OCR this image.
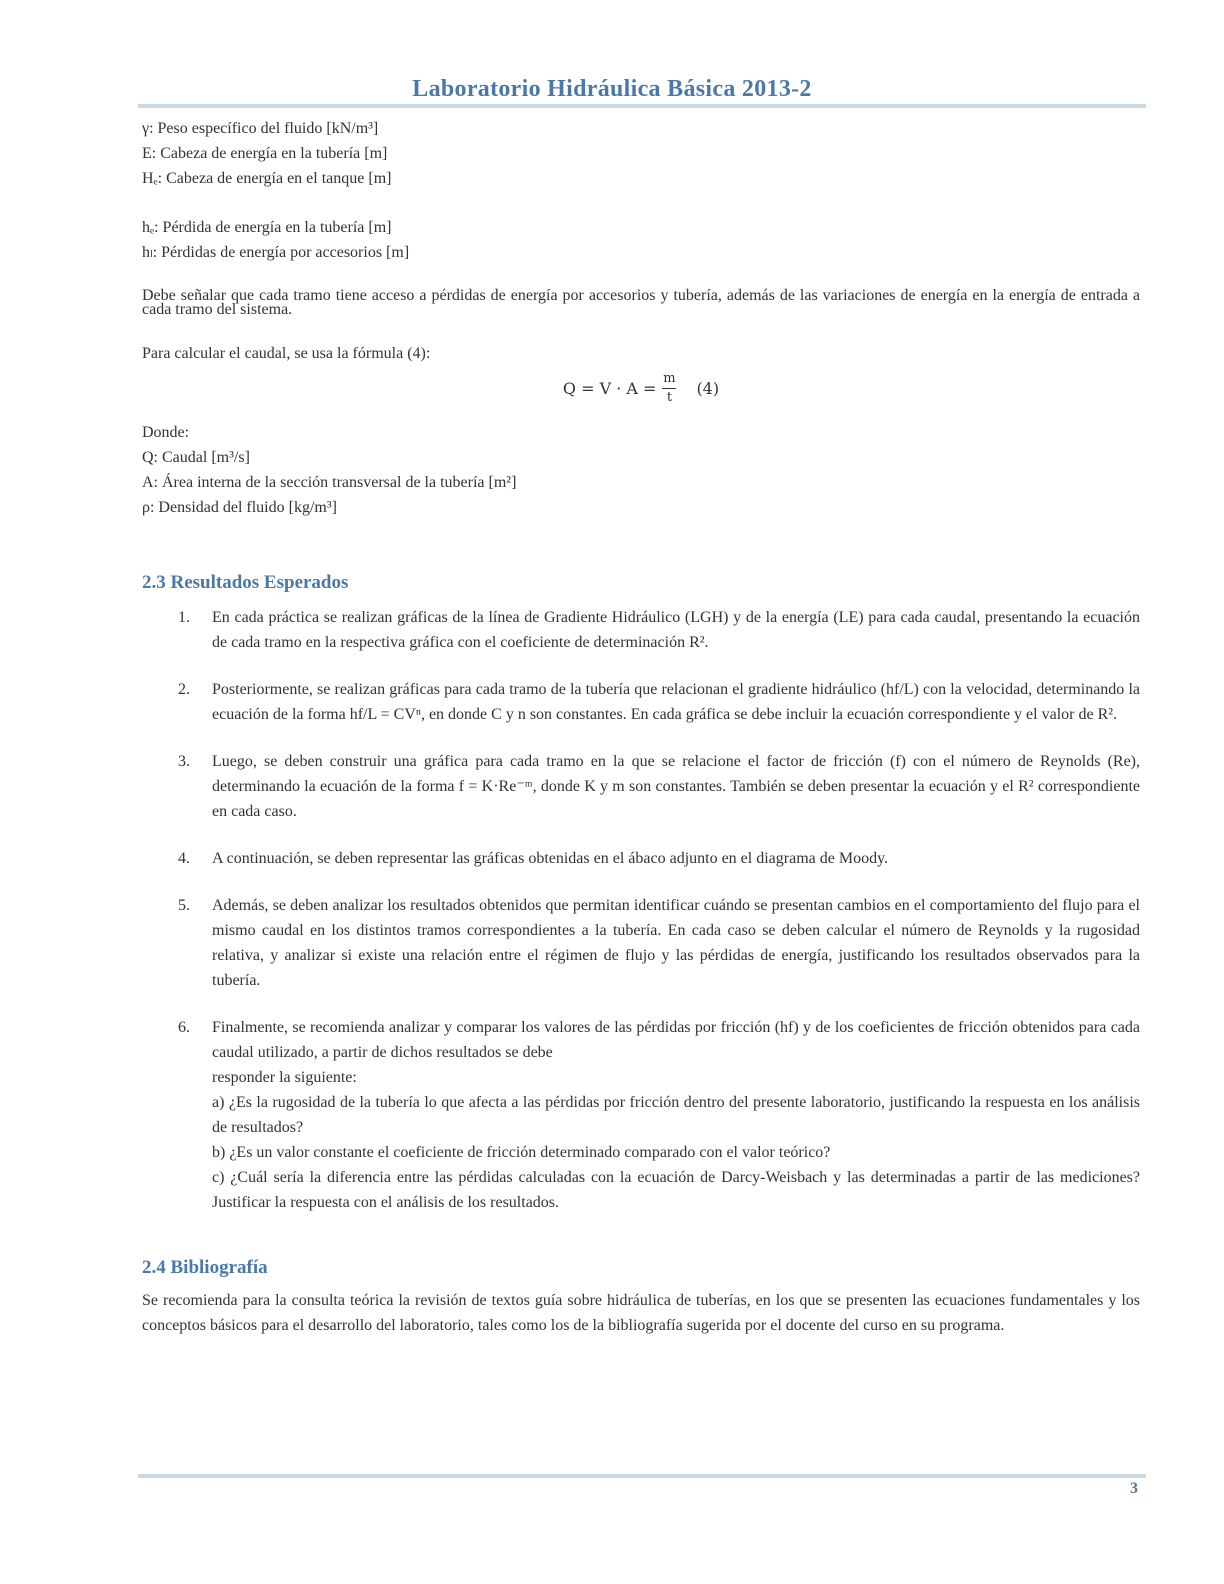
Laboratorio Hidráulica Básica 2013-2

γ: Peso específico del fluido [kN/m³]

E: Cabeza de energía en la tubería [m]

Hₑ: Cabeza de energía en el tanque [m]

hₑ: Pérdida de energía en la tubería [m]

hₗ: Pérdidas de energía por accesorios [m]

Debe señalar que cada tramo tiene acceso a pérdidas de energía por accesorios y tubería, además de las variaciones de energía en la energía de entrada a cada tramo del sistema.

Para calcular el caudal, se usa la fórmula (4):

$Q = V \cdot A = \frac{m}{t} (4)$

Donde:

Q: Caudal [m³/s]

A: Área interna de la sección transversal de la tubería [m²]

ρ: Densidad del fluido [kg/m³]

2.3 Resultados Esperados
1. En cada práctica se realizan gráficas de la línea de Gradiente Hidráulico (LGH) y de la energía (LE) para cada caudal, presentando la ecuación de cada tramo en la respectiva gráfica con el coeficiente de determinación R².
2. Posteriormente, se realizan gráficas para cada tramo de la tubería que relacionan el gradiente hidráulico (hf/L) con la velocidad, determinando la ecuación de la forma hf/L = CVⁿ, en donde C y n son constantes. En cada gráfica se debe incluir la ecuación correspondiente y el valor de R².
3. Luego, se deben construir una gráfica para cada tramo en la que se relacione el factor de fricción (f) con el número de Reynolds (Re), determinando la ecuación de la forma f = K·Re⁻ᵐ, donde K y m son constantes. También se deben presentar la ecuación y el R² correspondiente en cada caso.
4. A continuación, se deben representar las gráficas obtenidas en el ábaco adjunto en el diagrama de Moody.
5. Además, se deben analizar los resultados obtenidos que permitan identificar cuándo se presentan cambios en el comportamiento del flujo para el mismo caudal en los distintos tramos correspondientes a la tubería. En cada caso se deben calcular el número de Reynolds y la rugosidad relativa, y analizar si existe una relación entre el régimen de flujo y las pérdidas de energía, justificando los resultados observados para la tubería.
6. Finalmente, se recomienda analizar y comparar los valores de las pérdidas por fricción (hf) y de los coeficientes de fricción obtenidos para cada caudal utilizado, a partir de dichos resultados se debe
responder la siguiente:
a) ¿Es la rugosidad de la tubería lo que afecta a las pérdidas por fricción dentro del presente laboratorio, justificando la respuesta en los análisis de resultados?
b) ¿Es un valor constante el coeficiente de fricción determinado comparado con el valor teórico?
c) ¿Cuál sería la diferencia entre las pérdidas calculadas con la ecuación de Darcy-Weisbach y las determinadas a partir de las mediciones? Justificar la respuesta con el análisis de los resultados.
2.4 Bibliografía

Se recomienda para la consulta teórica la revisión de textos guía sobre hidráulica de tuberías, en los que se presenten las ecuaciones fundamentales y los conceptos básicos para el desarrollo del laboratorio, tales como los de la bibliografía sugerida por el docente del curso en su programa.

3
